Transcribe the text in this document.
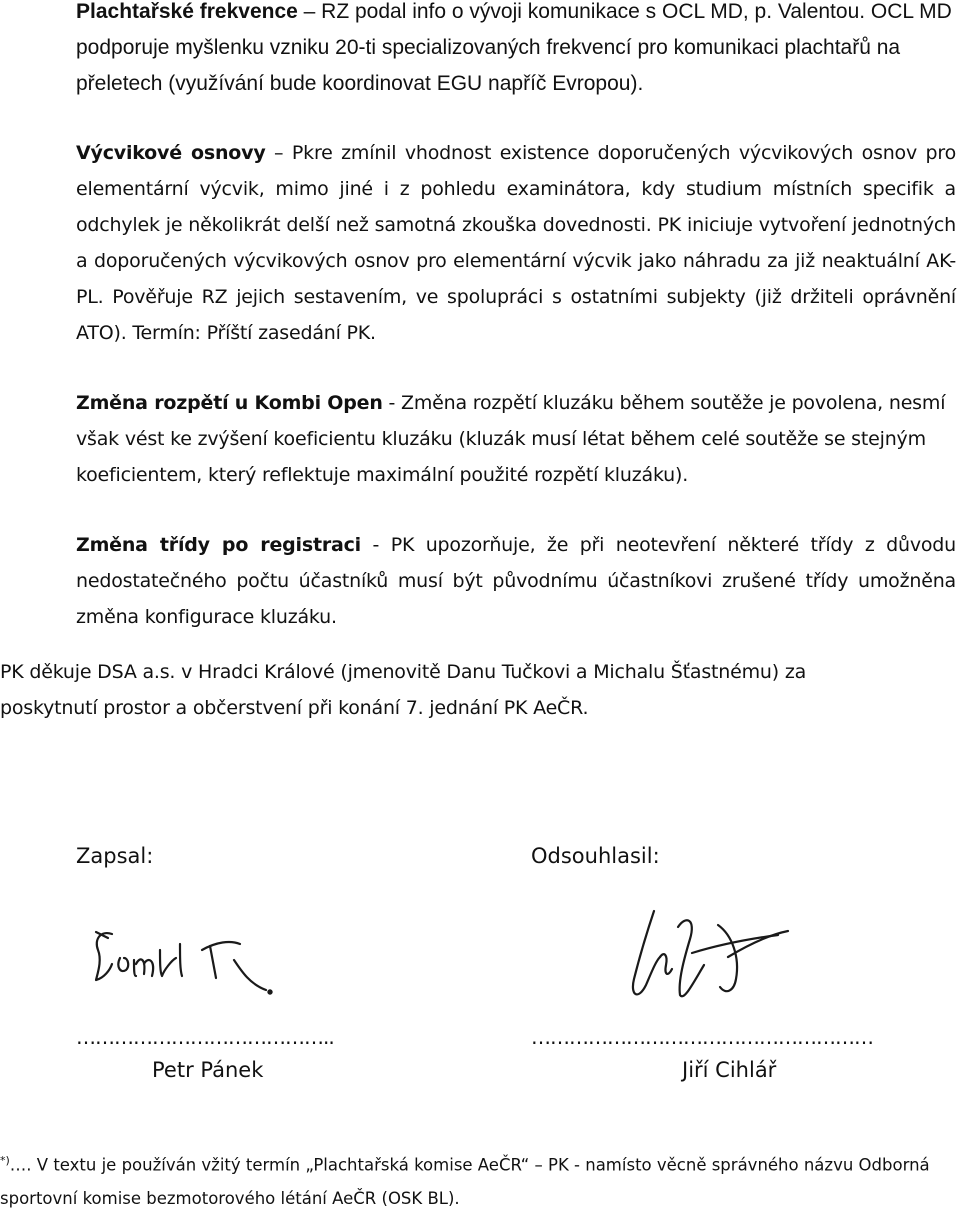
Plachtařské frekvence – RZ podal info o vývoji komunikace s OCL MD, p. Valentou. OCL MD podporuje myšlenku vzniku 20-ti specializovaných frekvencí pro komunikaci plachtařů na přeletech (využívání bude koordinovat EGU napříč Evropou).

Výcvikové osnovy – Pkre zmínil vhodnost existence doporučených výcvikových osnov pro elementární výcvik, mimo jiné i z pohledu examinátora, kdy studium místních specifik a odchylek je několikrát delší než samotná zkouška dovednosti. PK iniciuje vytvoření jednotných a doporučených výcvikových osnov pro elementární výcvik jako náhradu za již neaktuální AK-PL. Pověřuje RZ jejich sestavením, ve spolupráci s ostatními subjekty (již držiteli oprávnění ATO). Termín: Příští zasedání PK.

Změna rozpětí u Kombi Open - Změna rozpětí kluzáku během soutěže je povolena, nesmí však vést ke zvýšení koeficientu kluzáku (kluzák musí létat během celé soutěže se stejným koeficientem, který reflektuje maximální použité rozpětí kluzáku).

Změna třídy po registraci - PK upozorňuje, že při neotevření některé třídy z důvodu nedostatečného počtu účastníků musí být původnímu účastníkovi zrušené třídy umožněna změna konfigurace kluzáku.

PK děkuje DSA a.s. v Hradci Králové (jmenovitě Danu Tučkovi a Michalu Šťastnému) za poskytnutí prostor a občerstvení při konání 7. jednání PK AeČR.

Zapsal:	Odsouhlasil:
…………………………………..	………………………………………………
Petr Pánek	Jiří Cihlář

*)…. V textu je používán vžitý termín „Plachtařská komise AeČR“ – PK - namísto věcně správného názvu Odborná sportovní komise bezmotorového létání AeČR (OSK BL).
